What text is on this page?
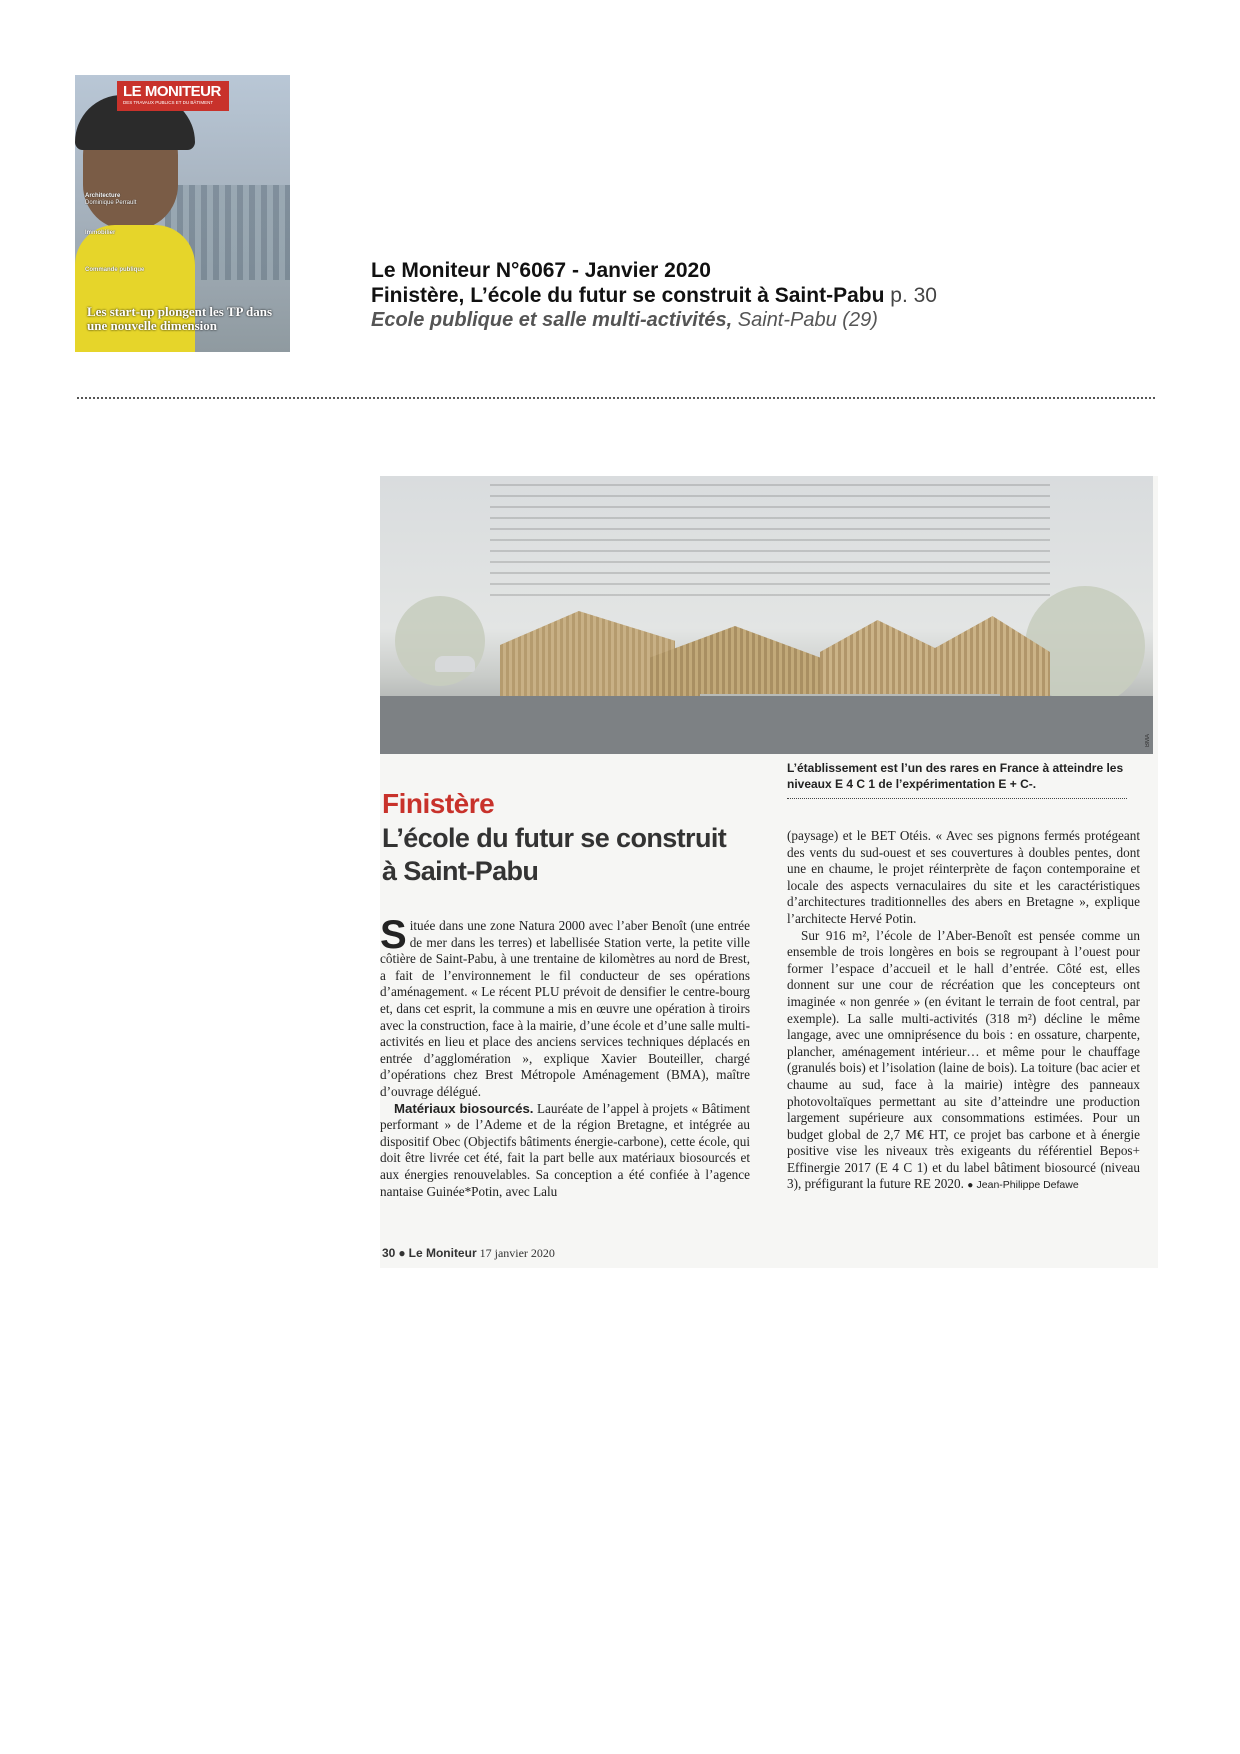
LE MONITEUR
DES TRAVAUX PUBLICS ET DU BÂTIMENT
Architecture
Dominique Perrault
Immobilier
Commande publique
Les start-up plongent les TP dans une nouvelle dimension
Le Moniteur N°6067 - Janvier 2020
Finistère, L’école du futur se construit à Saint-Pabu p. 30
Ecole publique et salle multi-activités, Saint-Pabu (29)
BMA
L’établissement est l’un des rares en France à atteindre les niveaux E 4 C 1 de l’expérimentation E + C-.
Finistère
L’école du futur se construit à Saint-Pabu

Située dans une zone Natura 2000 avec l’aber Benoît (une entrée de mer dans les terres) et labellisée Station verte, la petite ville côtière de Saint-Pabu, à une trentaine de kilomètres au nord de Brest, a fait de l’environnement le fil conducteur de ses opérations d’aménagement. « Le récent PLU prévoit de densifier le centre-bourg et, dans cet esprit, la commune a mis en œuvre une opération à tiroirs avec la construction, face à la mairie, d’une école et d’une salle multi-activités en lieu et place des anciens services techniques déplacés en entrée d’agglomération », explique Xavier Bouteiller, chargé d’opérations chez Brest Métropole Aménagement (BMA), maître d’ouvrage délégué.

Matériaux biosourcés. Lauréate de l’appel à projets « Bâtiment performant » de l’Ademe et de la région Bretagne, et intégrée au dispositif Obec (Objectifs bâtiments énergie-carbone), cette école, qui doit être livrée cet été, fait la part belle aux matériaux biosourcés et aux énergies renouvelables. Sa conception a été confiée à l’agence nantaise Guinée*Potin, avec Lalu

(paysage) et le BET Otéis. « Avec ses pignons fermés protégeant des vents du sud-ouest et ses couvertures à doubles pentes, dont une en chaume, le projet réinterprète de façon contemporaine et locale des aspects vernaculaires du site et les caractéristiques d’architectures traditionnelles des abers en Bretagne », explique l’architecte Hervé Potin.

Sur 916 m², l’école de l’Aber-Benoît est pensée comme un ensemble de trois longères en bois se regroupant à l’ouest pour former l’espace d’accueil et le hall d’entrée. Côté est, elles donnent sur une cour de récréation que les concepteurs ont imaginée « non genrée » (en évitant le terrain de foot central, par exemple). La salle multi-activités (318 m²) décline le même langage, avec une omniprésence du bois : en ossature, charpente, plancher, aménagement intérieur… et même pour le chauffage (granulés bois) et l’isolation (laine de bois). La toiture (bac acier et chaume au sud, face à la mairie) intègre des panneaux photovoltaïques permettant au site d’atteindre une production largement supérieure aux consommations estimées. Pour un budget global de 2,7 M€ HT, ce projet bas carbone et à énergie positive vise les niveaux très exigeants du référentiel Bepos+ Effinergie 2017 (E 4 C 1) et du label bâtiment biosourcé (niveau 3), préfigurant la future RE 2020. ● Jean-Philippe Defawe

30 ● Le Moniteur 17 janvier 2020
